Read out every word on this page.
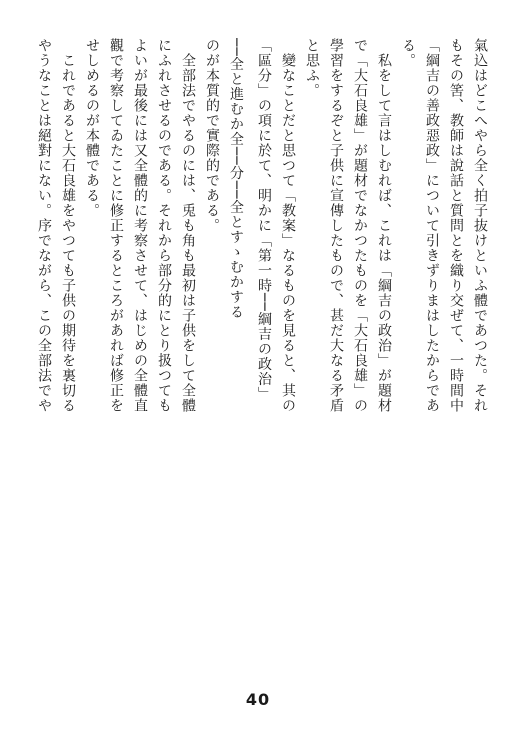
氣込はどこへやら全く拍子抜けといふ體であつた。それ
もその筈、教師は說話と質問とを織り交ぜて、一時間中
「綱吉の善政惡政」について引きずりまはしたからであ
る。
　私をして言はしむれば、これは「綱吉の政治」が題材
で「大石良雄」が題材でなかつたものを「大石良雄」の
學習をするぞと子供に宣傳したもので、甚だ大なる矛盾
と思ふ。
　變なことだと思つて「教案」なるものを見ると、其の
「區分」の項に於て、明かに「第一時──綱吉の政治」
──全と進むか全──分──全とすゝむかする
のが本質的で實際的である。
　全部法でやるのには、兎も角も最初は子供をして全體
にふれさせるのである。それから部分的にとり扱つても
よいが最後には又全體的に考察させて、はじめの全體直
觀で考察してゐたことに修正するところがあれば修正を
せしめるのが本體である。
　これであると大石良雄をやつても子供の期待を裏切る
やうなことは絕對にない。序でながら、この全部法でや
40
